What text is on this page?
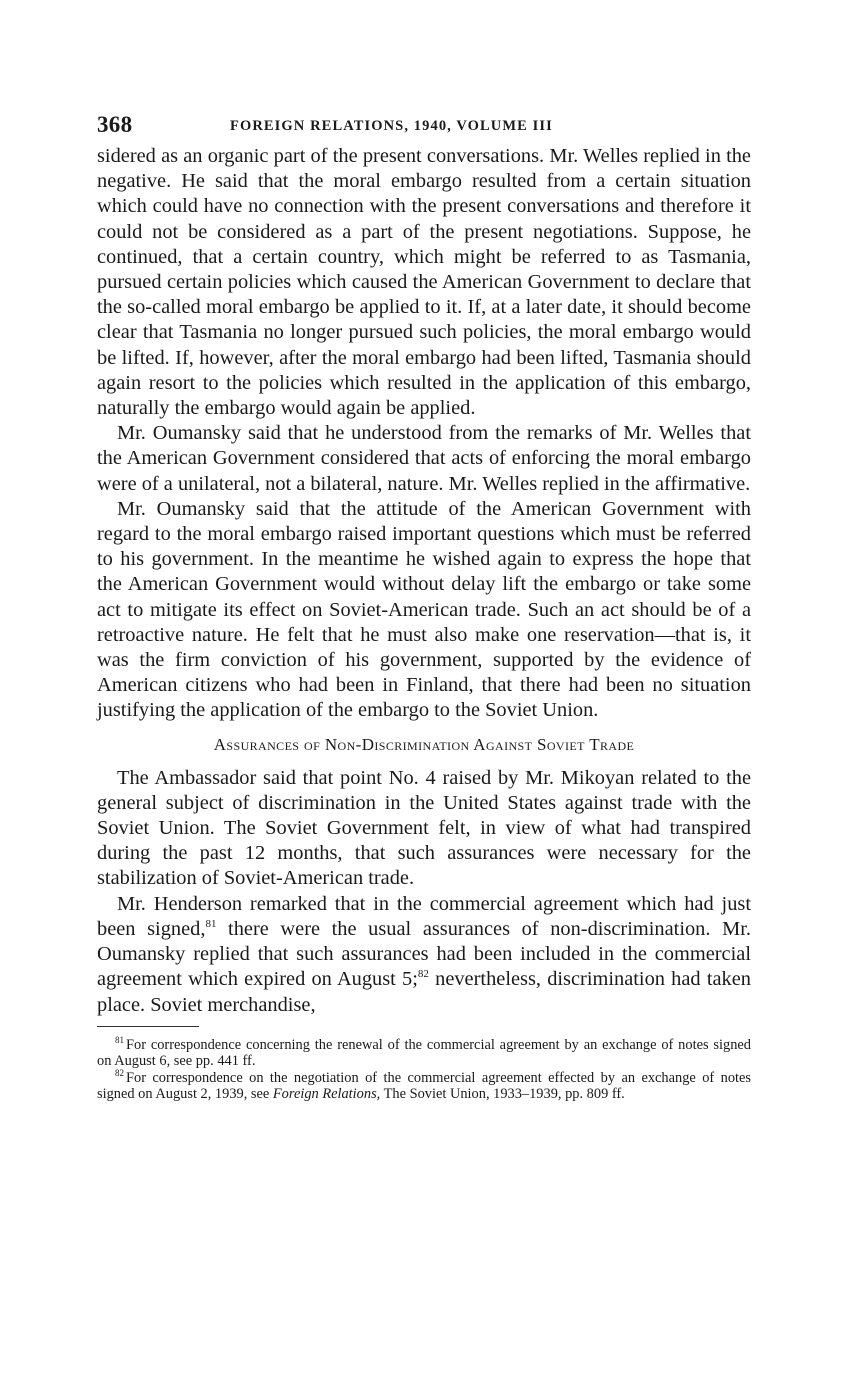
368	FOREIGN RELATIONS, 1940, VOLUME III

sidered as an organic part of the present conversations. Mr. Welles replied in the negative. He said that the moral embargo resulted from a certain situation which could have no connection with the present conversations and therefore it could not be considered as a part of the present negotiations. Suppose, he continued, that a certain country, which might be referred to as Tasmania, pursued certain policies which caused the American Government to declare that the so-called moral embargo be applied to it. If, at a later date, it should become clear that Tasmania no longer pursued such policies, the moral embargo would be lifted. If, however, after the moral embargo had been lifted, Tasmania should again resort to the policies which resulted in the application of this embargo, naturally the embargo would again be applied.

Mr. Oumansky said that he understood from the remarks of Mr. Welles that the American Government considered that acts of enforcing the moral embargo were of a unilateral, not a bilateral, nature. Mr. Welles replied in the affirmative.

Mr. Oumansky said that the attitude of the American Government with regard to the moral embargo raised important questions which must be referred to his government. In the meantime he wished again to express the hope that the American Government would without delay lift the embargo or take some act to mitigate its effect on Soviet-American trade. Such an act should be of a retroactive nature. He felt that he must also make one reservation—that is, it was the firm conviction of his government, supported by the evidence of American citizens who had been in Finland, that there had been no situation justifying the application of the embargo to the Soviet Union.

Assurances of Non-Discrimination Against Soviet Trade

The Ambassador said that point No. 4 raised by Mr. Mikoyan related to the general subject of discrimination in the United States against trade with the Soviet Union. The Soviet Government felt, in view of what had transpired during the past 12 months, that such assurances were necessary for the stabilization of Soviet-American trade.

Mr. Henderson remarked that in the commercial agreement which had just been signed,$^{81}$ there were the usual assurances of non-discrimination. Mr. Oumansky replied that such assurances had been included in the commercial agreement which expired on August 5;$^{82}$ nevertheless, discrimination had taken place. Soviet merchandise,

$^{81}$ For correspondence concerning the renewal of the commercial agreement by an exchange of notes signed on August 6, see pp. 441 ff.

$^{82}$ For correspondence on the negotiation of the commercial agreement effected by an exchange of notes signed on August 2, 1939, see Foreign Relations, The Soviet Union, 1933–1939, pp. 809 ff.
